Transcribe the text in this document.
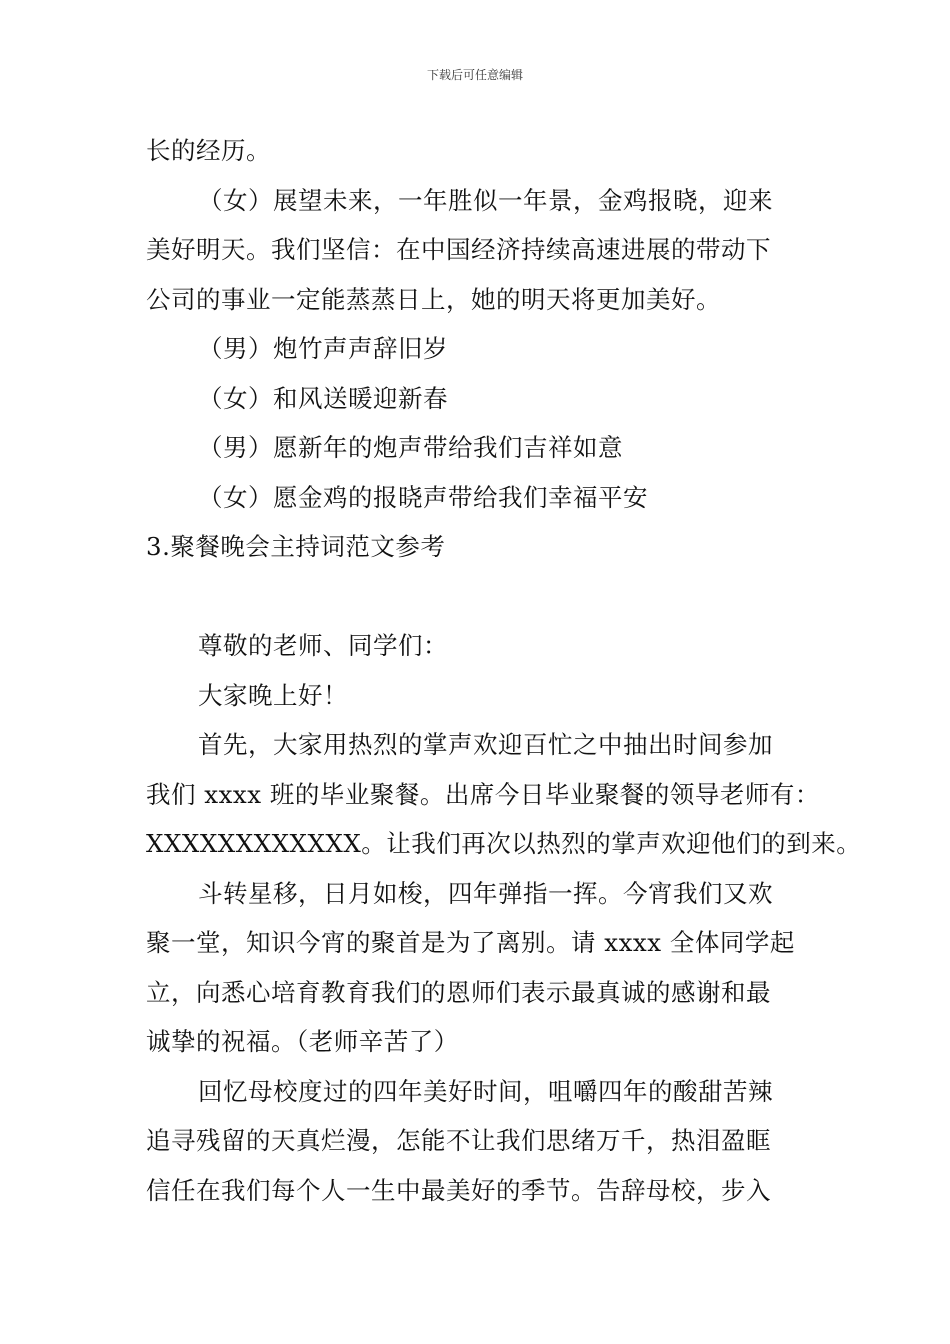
下载后可任意编辑
长的经历。
（女）展望未来，一年胜似一年景，金鸡报晓，迎来
美好明天。我们坚信：在中国经济持续高速进展的带动下
公司的事业一定能蒸蒸日上，她的明天将更加美好。
（男）炮竹声声辞旧岁
（女）和风送暖迎新春
（男）愿新年的炮声带给我们吉祥如意
（女）愿金鸡的报晓声带给我们幸福平安
3.聚餐晚会主持词范文参考
尊敬的老师、同学们：
大家晚上好！
首先，大家用热烈的掌声欢迎百忙之中抽出时间参加
我们 xxxx 班的毕业聚餐。出席今日毕业聚餐的领导老师有：
XXXXXXXXXXXX。让我们再次以热烈的掌声欢迎他们的到来。
斗转星移，日月如梭，四年弹指一挥。今宵我们又欢
聚一堂，知识今宵的聚首是为了离别。请 xxxx 全体同学起
立，向悉心培育教育我们的恩师们表示最真诚的感谢和最
诚挚的祝福。（老师辛苦了）
回忆母校度过的四年美好时间，咀嚼四年的酸甜苦辣
追寻残留的天真烂漫，怎能不让我们思绪万千，热泪盈眶
信任在我们每个人一生中最美好的季节。告辞母校，步入
